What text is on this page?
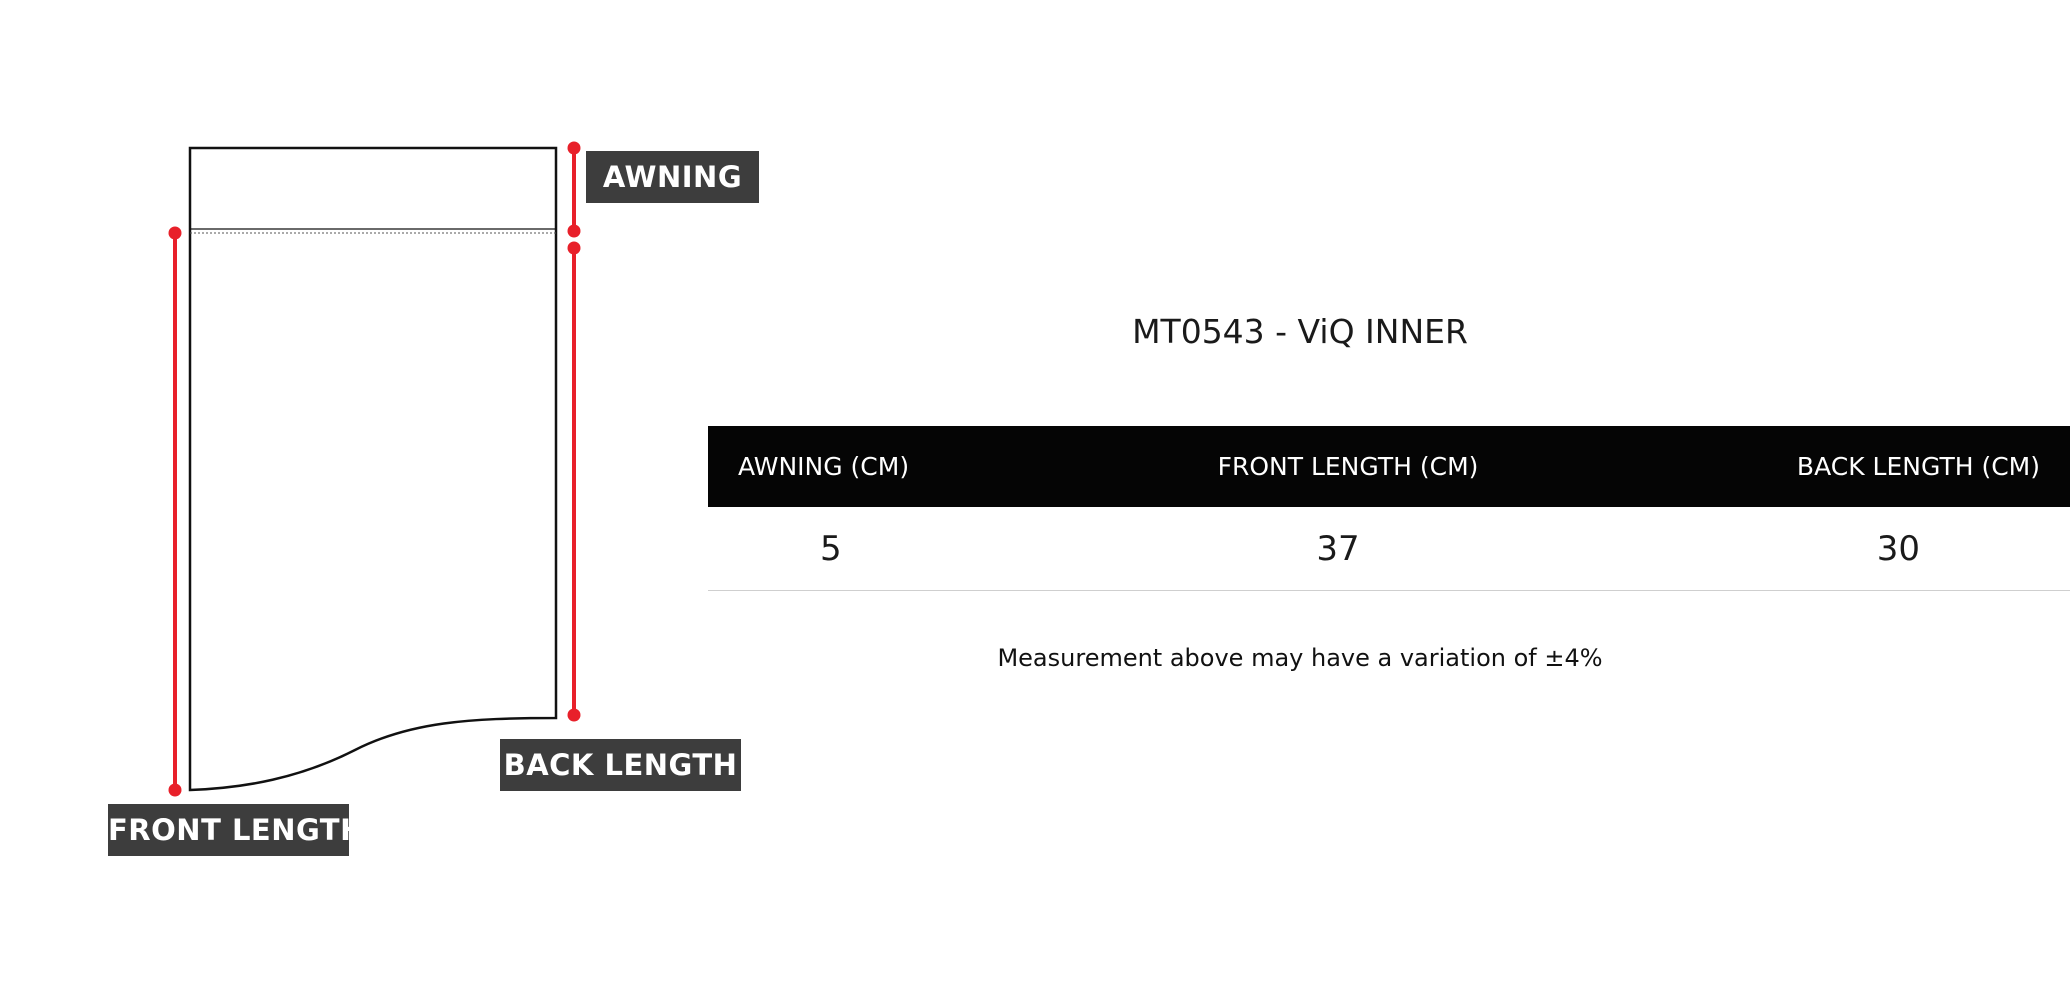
AWNING
BACK LENGTH
FRONT LENGTH
MT0543 - ViQ INNER
AWNING (CM)	FRONT LENGTH (CM)	BACK LENGTH (CM)
5	37	30
Measurement above may have a variation of ±4%
